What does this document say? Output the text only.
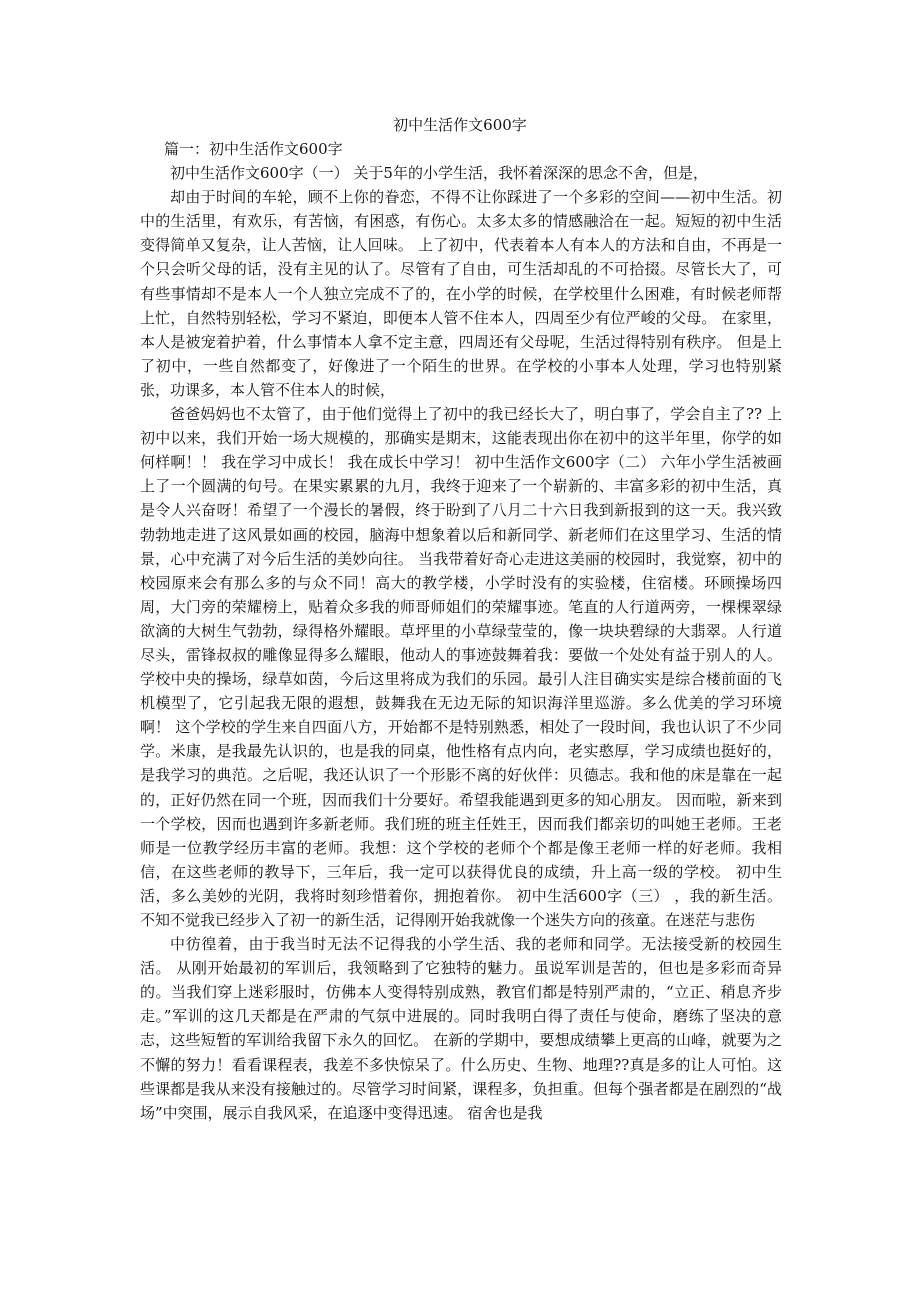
初中生活作文600字

篇一：初中生活作文600字

初中生活作文600字（一） 关于5年的小学生活，我怀着深深的思念不舍，但是，

却由于时间的车轮，顾不上你的眷恋，不得不让你踩进了一个多彩的空间——初中生活。初中的生活里，有欢乐，有苦恼，有困惑，有伤心。太多太多的情感融洽在一起。短短的初中生活变得简单又复杂，让人苦恼，让人回味。 上了初中，代表着本人有本人的方法和自由，不再是一个只会听父母的话，没有主见的认了。尽管有了自由，可生活却乱的不可拾掇。尽管长大了，可有些事情却不是本人一个人独立完成不了的，在小学的时候，在学校里什么困难，有时候老师帮上忙，自然特别轻松，学习不紧迫，即便本人管不住本人，四周至少有位严峻的父母。 在家里，本人是被宠着护着，什么事情本人拿不定主意，四周还有父母呢，生活过得特别有秩序。 但是上了初中，一些自然都变了，好像进了一个陌生的世界。在学校的小事本人处理，学习也特别紧张，功课多，本人管不住本人的时候，

爸爸妈妈也不太管了，由于他们觉得上了初中的我已经长大了，明白事了，学会自主了?? 上初中以来，我们开始一场大规模的，那确实是期末，这能表现出你在初中的这半年里，你学的如何样啊！！ 我在学习中成长！ 我在成长中学习！ 初中生活作文600字（二） 六年小学生活被画上了一个圆满的句号。在果实累累的九月，我终于迎来了一个崭新的、丰富多彩的初中生活，真是令人兴奋呀！希望了一个漫长的暑假，终于盼到了八月二十六日我到新报到的这一天。我兴致勃勃地走进了这风景如画的校园，脑海中想象着以后和新同学、新老师们在这里学习、生活的情景，心中充满了对今后生活的美妙向往。 当我带着好奇心走进这美丽的校园时，我觉察，初中的校园原来会有那么多的与众不同！高大的教学楼，小学时没有的实验楼，住宿楼。环顾操场四周，大门旁的荣耀榜上，贴着众多我的师哥师姐们的荣耀事迹。笔直的人行道两旁，一棵棵翠绿欲滴的大树生气勃勃，绿得格外耀眼。草坪里的小草绿莹莹的，像一块块碧绿的大翡翠。人行道尽头，雷锋叔叔的雕像显得多么耀眼，他动人的事迹鼓舞着我：要做一个处处有益于别人的人。学校中央的操场，绿草如茵，今后这里将成为我们的乐园。最引人注目确实实是综合楼前面的飞机模型了，它引起我无限的遐想，鼓舞我在无边无际的知识海洋里巡游。多么优美的学习环境啊！ 这个学校的学生来自四面八方，开始都不是特别熟悉，相处了一段时间，我也认识了不少同学。米康，是我最先认识的，也是我的同桌，他性格有点内向，老实憨厚，学习成绩也挺好的，是我学习的典范。之后呢，我还认识了一个形影不离的好伙伴：贝德志。我和他的床是靠在一起的，正好仍然在同一个班，因而我们十分要好。希望我能遇到更多的知心朋友。 因而啦，新来到一个学校，因而也遇到许多新老师。我们班的班主任姓王，因而我们都亲切的叫她王老师。王老师是一位教学经历丰富的老师。我想：这个学校的老师个个都是像王老师一样的好老师。我相信，在这些老师的教导下，三年后，我一定可以获得优良的成绩，升上高一级的学校。 初中生活，多么美妙的光阴，我将时刻珍惜着你，拥抱着你。 初中生活600字（三） ，我的新生活。 不知不觉我已经步入了初一的新生活，记得刚开始我就像一个迷失方向的孩童。在迷茫与悲伤

中彷徨着，由于我当时无法不记得我的小学生活、我的老师和同学。无法接受新的校园生活。 从刚开始最初的军训后，我领略到了它独特的魅力。虽说军训是苦的，但也是多彩而奇异的。当我们穿上迷彩服时，仿佛本人变得特别成熟，教官们都是特别严肃的，“立正、稍息齐步走。”军训的这几天都是在严肃的气氛中进展的。同时我明白得了责任与使命，磨练了坚决的意志，这些短暂的军训给我留下永久的回忆。 在新的学期中，要想成绩攀上更高的山峰，就要为之不懈的努力！看看课程表，我差不多快惊呆了。什么历史、生物、地理??真是多的让人可怕。这些课都是我从来没有接触过的。尽管学习时间紧，课程多，负担重。但每个强者都是在剧烈的“战场”中突围，展示自我风采，在追逐中变得迅速。 宿舍也是我
